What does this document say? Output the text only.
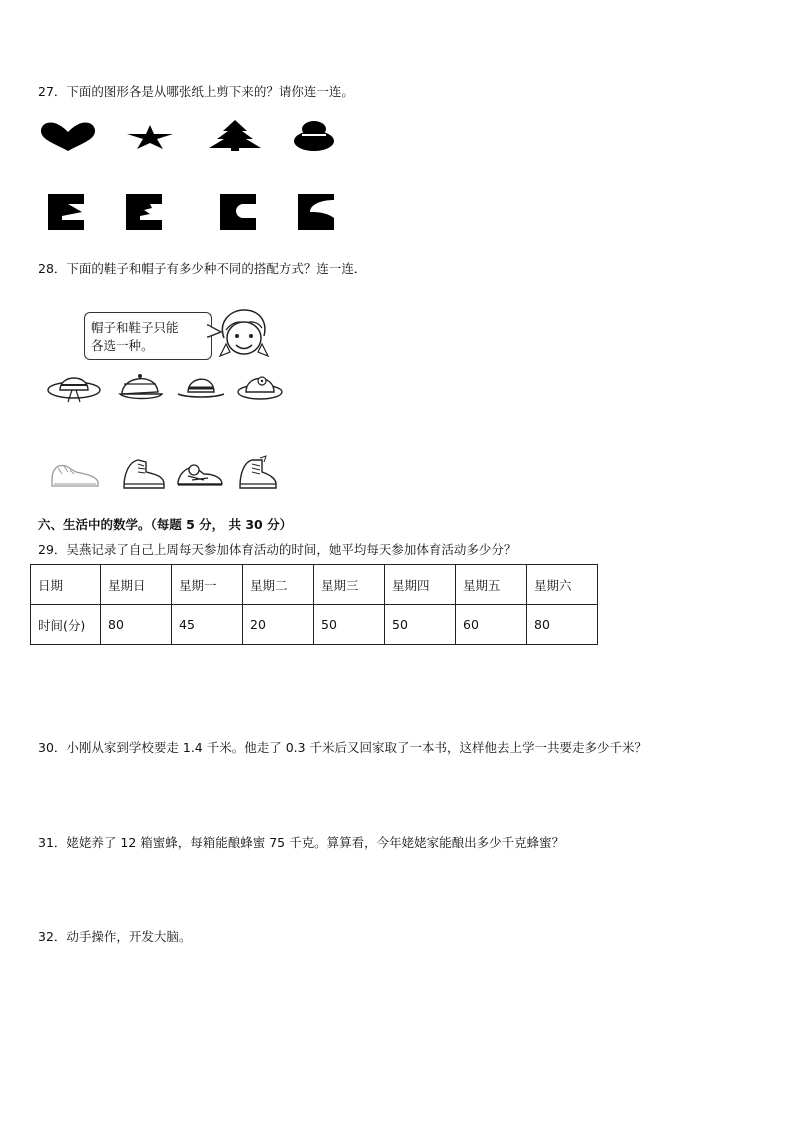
27．下面的图形各是从哪张纸上剪下来的？请你连一连。
28．下面的鞋子和帽子有多少种不同的搭配方式？连一连．
帽子和鞋子只能
各选一种。
六、生活中的数学。（每题 5 分， 共 30 分）
29．吴燕记录了自己上周每天参加体育活动的时间，她平均每天参加体育活动多少分？
日期	星期日	星期一	星期二	星期三	星期四	星期五	星期六
时间(分)	80	45	20	50	50	60	80
30．小刚从家到学校要走 1.4 千米。他走了 0.3 千米后又回家取了一本书，这样他去上学一共要走多少千米？
31．姥姥养了 12 箱蜜蜂，每箱能酿蜂蜜 75 千克。算算看，今年姥姥家能酿出多少千克蜂蜜？
32．动手操作，开发大脑。
